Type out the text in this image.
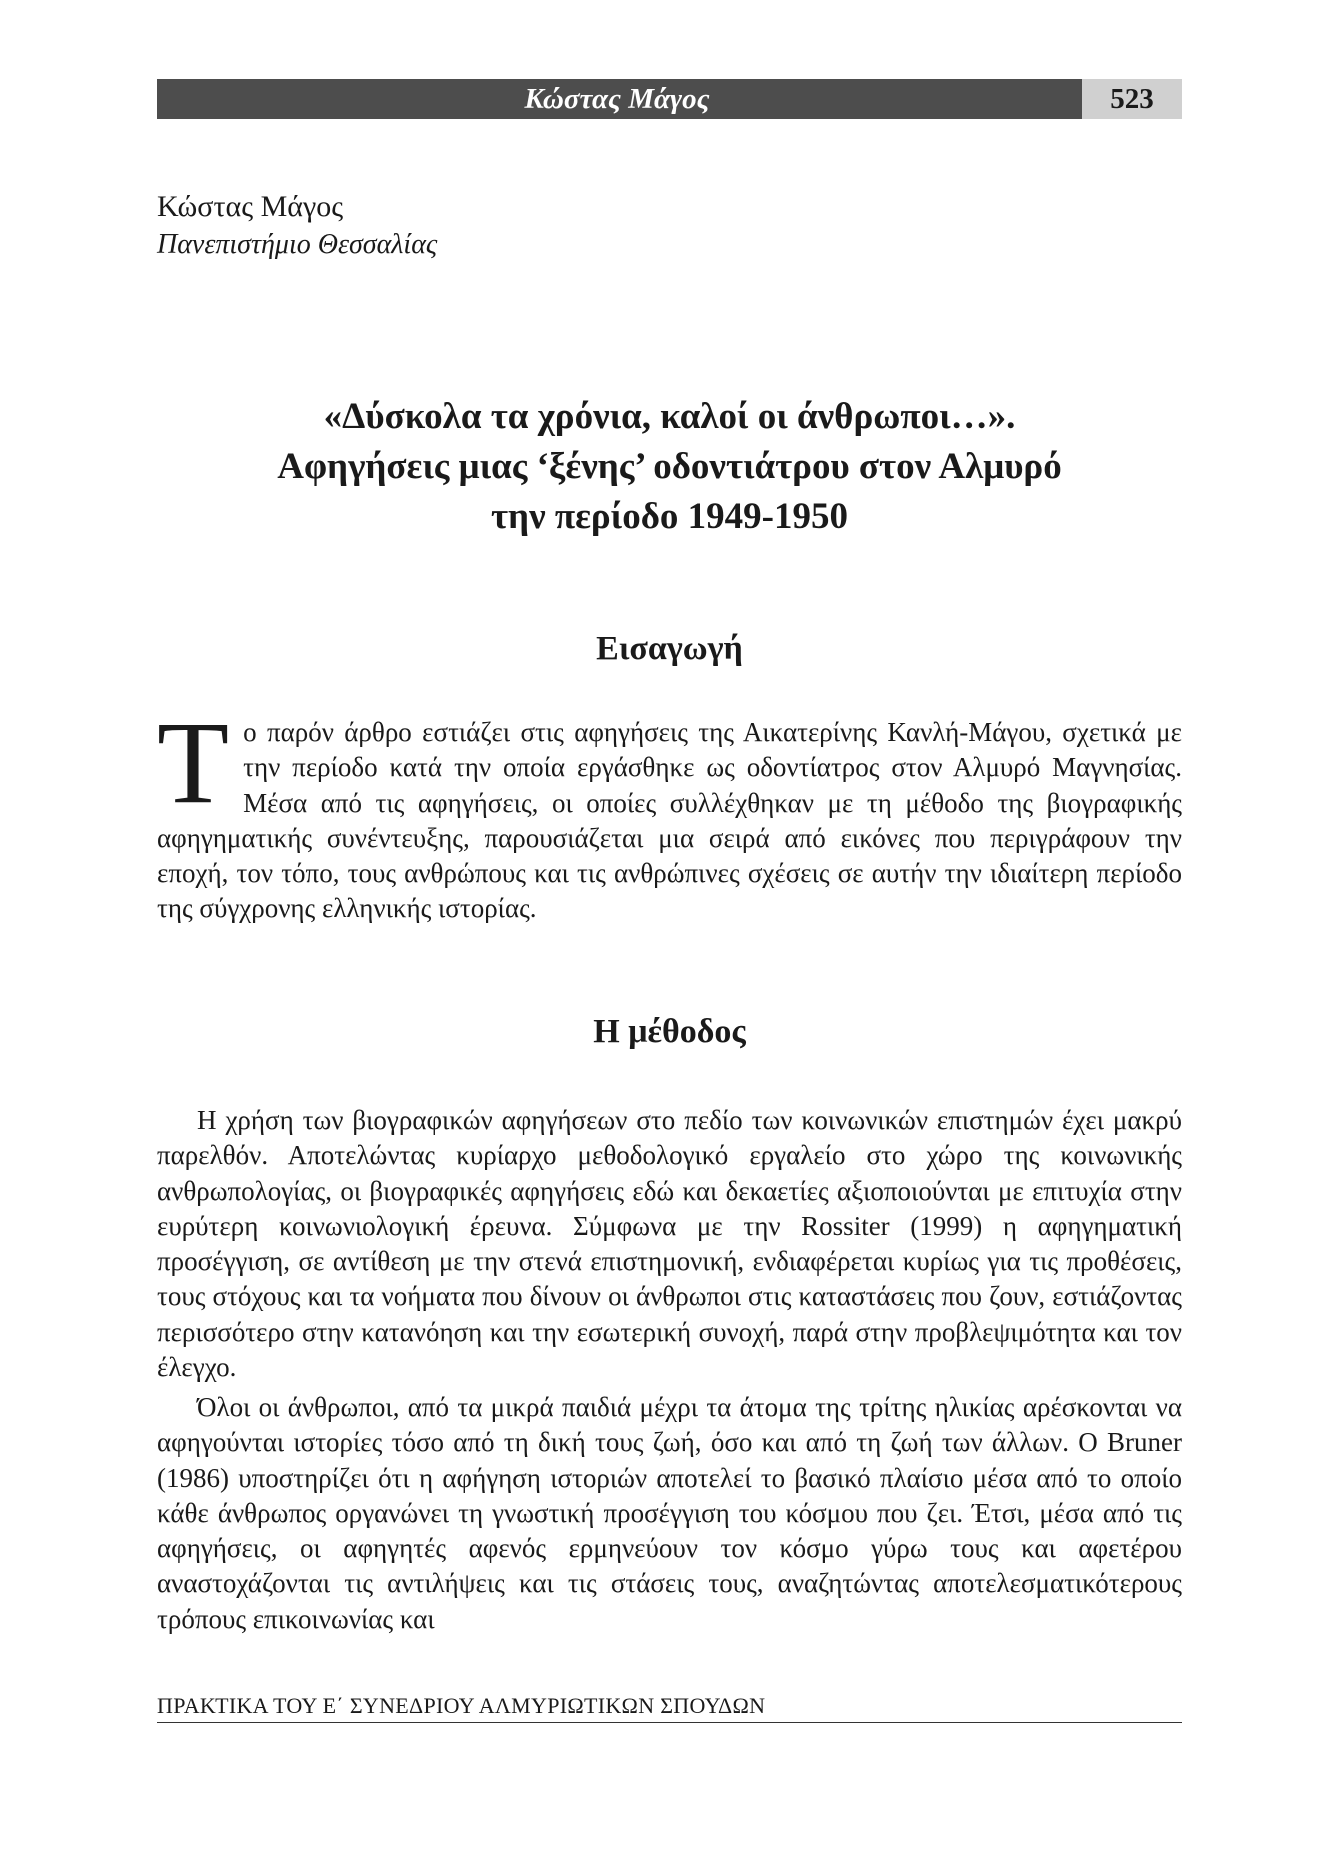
Κώστας Μάγος	523
Κώστας Μάγος
Πανεπιστήμιο Θεσσαλίας
«Δύσκολα τα χρόνια, καλοί οι άνθρωποι…».
Αφηγήσεις μιας ‘ξένης’ οδοντιάτρου στον Αλμυρό
την περίοδο 1949-1950
Εισαγωγή
Το παρόν άρθρο εστιάζει στις αφηγήσεις της Αικατερίνης Κανλή-Μάγου, σχετικά με την περίοδο κατά την οποία εργάσθηκε ως οδοντίατρος στον Αλμυρό Μαγνησίας. Μέσα από τις αφηγήσεις, οι οποίες συλλέχθηκαν με τη μέθοδο της βιογραφικής αφηγηματικής συνέντευξης, παρουσιάζεται μια σειρά από εικόνες που περιγράφουν την εποχή, τον τόπο, τους ανθρώπους και τις ανθρώπινες σχέσεις σε αυτήν την ιδιαίτερη περίοδο της σύγχρονης ελληνικής ιστορίας.
Η μέθοδος
Η χρήση των βιογραφικών αφηγήσεων στο πεδίο των κοινωνικών επιστημών έχει μακρύ παρελθόν. Αποτελώντας κυρίαρχο μεθοδολογικό εργαλείο στο χώρο της κοινωνικής ανθρωπολογίας, οι βιογραφικές αφηγήσεις εδώ και δεκαετίες αξιοποιούνται με επιτυχία στην ευρύτερη κοινωνιολογική έρευνα. Σύμφωνα με την Rossiter (1999) η αφηγηματική προσέγγιση, σε αντίθεση με την στενά επιστημονική, ενδιαφέρεται κυρίως για τις προθέσεις, τους στόχους και τα νοήματα που δίνουν οι άνθρωποι στις καταστάσεις που ζουν, εστιάζοντας περισσότερο στην κατανόηση και την εσωτερική συνοχή, παρά στην προβλεψιμότητα και τον έλεγχο.
Όλοι οι άνθρωποι, από τα μικρά παιδιά μέχρι τα άτομα της τρίτης ηλικίας αρέσκονται να αφηγούνται ιστορίες τόσο από τη δική τους ζωή, όσο και από τη ζωή των άλλων. Ο Bruner (1986) υποστηρίζει ότι η αφήγηση ιστοριών αποτελεί το βασικό πλαίσιο μέσα από το οποίο κάθε άνθρωπος οργανώνει τη γνωστική προσέγγιση του κόσμου που ζει. Έτσι, μέσα από τις αφηγήσεις, οι αφηγητές αφενός ερμηνεύουν τον κόσμο γύρω τους και αφετέρου αναστοχάζονται τις αντιλήψεις και τις στάσεις τους, αναζητώντας αποτελεσματικότερους τρόπους επικοινωνίας και
ΠΡΑΚΤΙΚΑ ΤΟΥ Ε΄ ΣΥΝΕΔΡΙΟΥ ΑΛΜΥΡΙΩΤΙΚΩΝ ΣΠΟΥΔΩΝ
